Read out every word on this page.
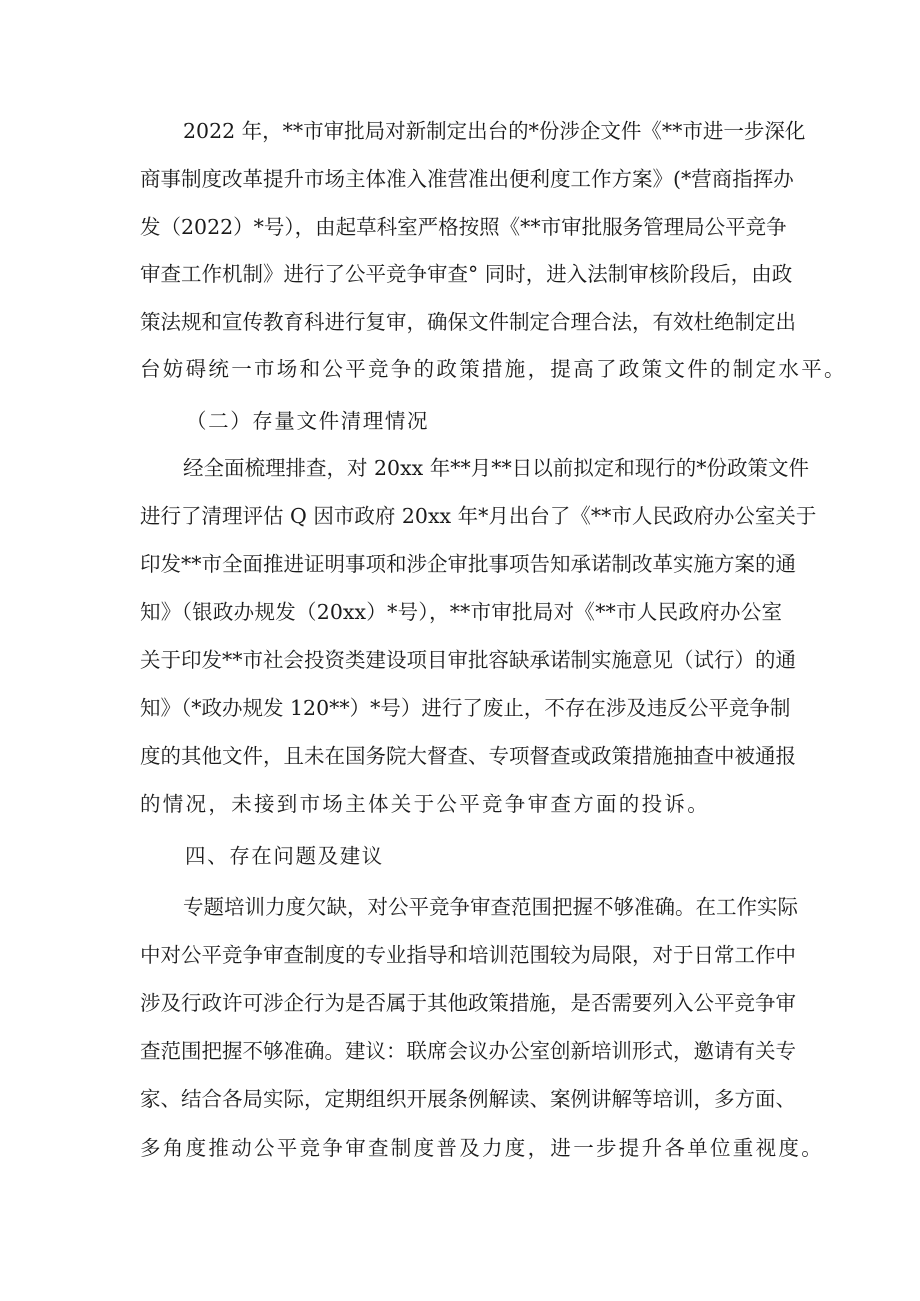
2022 年，**市审批局对新制定出台的*份涉企文件《**市进一步深化
商事制度改革提升市场主体准入准营准出便利度工作方案》(*营商指挥办
发（2022）*号），由起草科室严格按照《**市审批服务管理局公平竞争
审查工作机制》进行了公平竞争审查° 同时，进入法制审核阶段后，由政
策法规和宣传教育科进行复审，确保文件制定合理合法，有效杜绝制定出
台妨碍统一市场和公平竞争的政策措施，提高了政策文件的制定水平。
（二）存量文件清理情况
经全面梳理排查，对 20xx 年**月**日以前拟定和现行的*份政策文件
进行了清理评估 Q 因市政府 20xx 年*月出台了《**市人民政府办公室关于
印发**市全面推进证明事项和涉企审批事项告知承诺制改革实施方案的通
知》（银政办规发（20xx）*号），**市审批局对《**市人民政府办公室
关于印发**市社会投资类建设项目审批容缺承诺制实施意见（试行）的通
知》（*政办规发 120**）*号）进行了废止，不存在涉及违反公平竞争制
度的其他文件，且未在国务院大督查、专项督查或政策措施抽查中被通报
的情况，未接到市场主体关于公平竞争审查方面的投诉。
四、存在问题及建议
专题培训力度欠缺，对公平竞争审查范围把握不够准确。在工作实际
中对公平竞争审查制度的专业指导和培训范围较为局限，对于日常工作中
涉及行政许可涉企行为是否属于其他政策措施，是否需要列入公平竞争审
查范围把握不够准确。建议：联席会议办公室创新培训形式，邀请有关专
家、结合各局实际，定期组织开展条例解读、案例讲解等培训，多方面、
多角度推动公平竞争审查制度普及力度，进一步提升各单位重视度。
